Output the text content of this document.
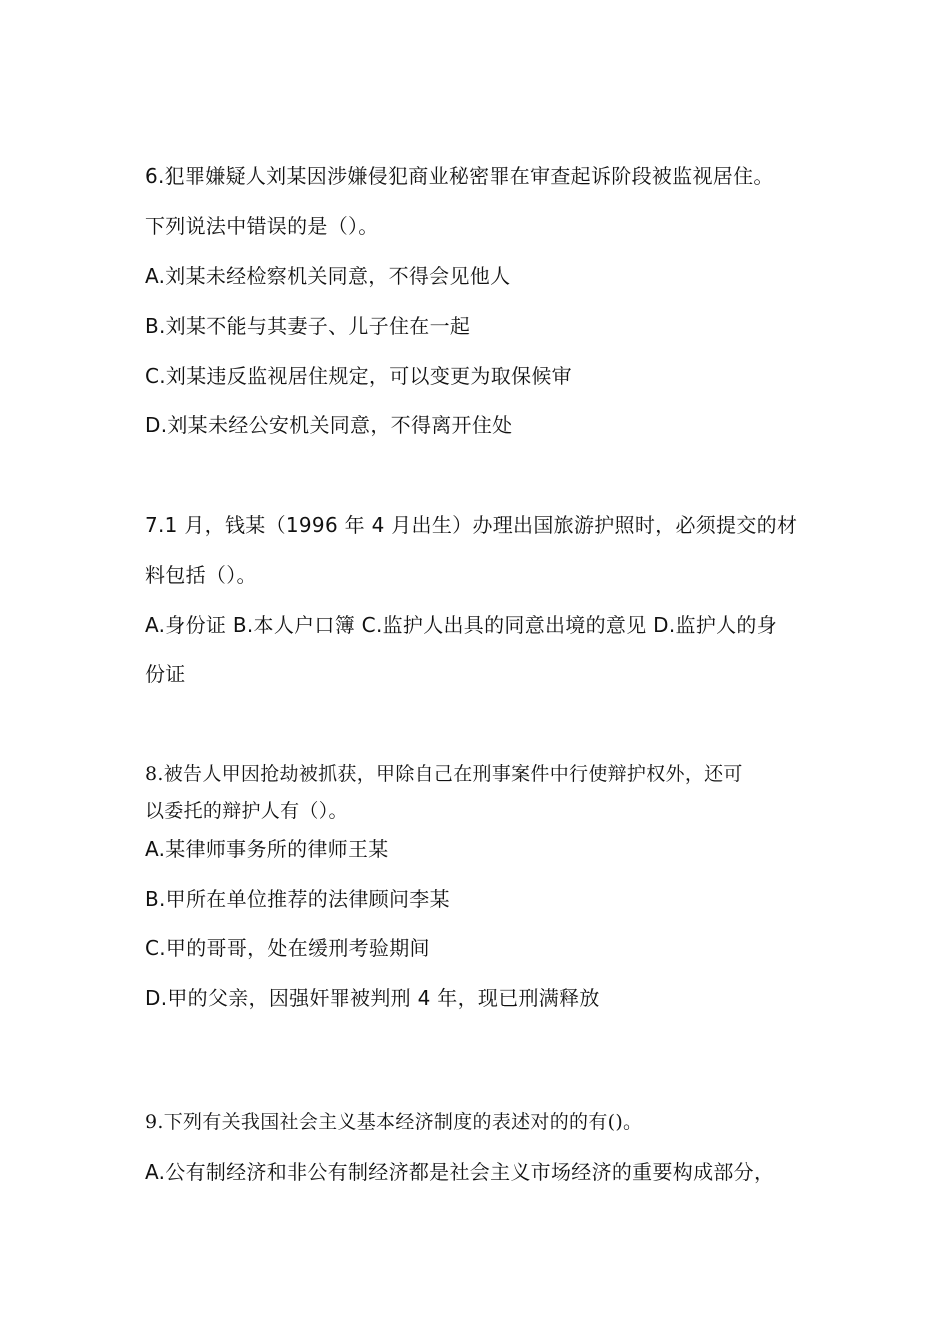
6.犯罪嫌疑人刘某因涉嫌侵犯商业秘密罪在审查起诉阶段被监视居住。
下列说法中错误的是（）。
A.刘某未经检察机关同意，不得会见他人
B.刘某不能与其妻子、儿子住在一起
C.刘某违反监视居住规定，可以变更为取保候审
D.刘某未经公安机关同意，不得离开住处
7.1 月，钱某（1996 年 4 月出生）办理出国旅游护照时，必须提交的材
料包括（）。
A.身份证 B.本人户口簿 C.监护人出具的同意出境的意见 D.监护人的身
份证
8.被告人甲因抢劫被抓获，甲除自己在刑事案件中行使辩护权外，还可
以委托的辩护人有（）。
A.某律师事务所的律师王某
B.甲所在单位推荐的法律顾问李某
C.甲的哥哥，处在缓刑考验期间
D.甲的父亲，因强奸罪被判刑 4 年，现已刑满释放
9.下列有关我国社会主义基本经济制度的表述对的的有()。
A.公有制经济和非公有制经济都是社会主义市场经济的重要构成部分，
